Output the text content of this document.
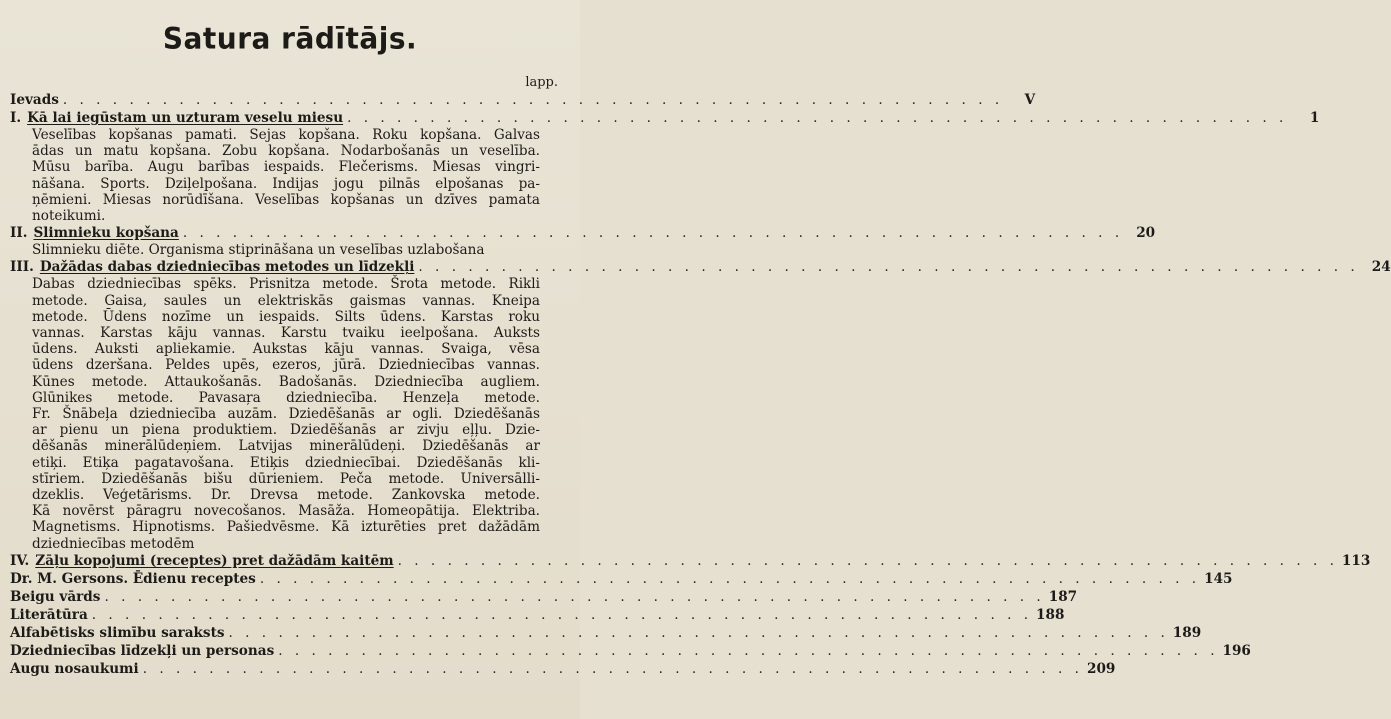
Satura rādītājs.
lapp.
Ievads . . . . . . . . . . . . . . . . . . . . . . . . . . . . . . . . . . . . . . . . . . . . . . . . . . . . . . . . .	V
I. Kā lai iegūstam un uzturam veselu miesu . . . . . . . . . . . . . . . . . . . . . . . . . . . . . . . . . . . . . . . . . . . . . . . . . . . . . . . . .	1
Veselības kopšanas pamati. Sejas kopšana. Roku kopšana. Galvas
ādas un matu kopšana. Zobu kopšana. Nodarbošanās un veselība.
Mūsu barība. Augu barības iespaids. Flečerisms. Miesas vingri-
nāšana. Sports. Dziļelpošana. Indijas jogu pilnās elpošanas pa-
ņēmieni. Miesas norūdīšana. Veselības kopšanas un dzīves pamata
noteikumi.
II. Slimnieku kopšana . . . . . . . . . . . . . . . . . . . . . . . . . . . . . . . . . . . . . . . . . . . . . . . . . . . . . . . . . 20
Slimnieku diēte. Organisma stiprināšana un veselības uzlabošana
III. Dažādas dabas dziedniecības metodes un līdzekļi . . . . . . . . . . . . . . . . . . . . . . . . . . . . . . . . . . . . . . . . . . . . . . . . . . . . . . . . . 24
Dabas dziedniecības spēks. Prisnitza metode. Šrota metode. Rikli
metode. Gaisa, saules un elektriskās gaismas vannas. Kneipa
metode. Ūdens nozīme un iespaids. Silts ūdens. Karstas roku
vannas. Karstas kāju vannas. Karstu tvaiku ieelpošana. Auksts
ūdens. Auksti apliekamie. Aukstas kāju vannas. Svaiga, vēsa
ūdens dzeršana. Peldes upēs, ezeros, jūrā. Dziedniecības vannas.
Kūnes metode. Attaukošanās. Badošanās. Dziedniecība augliem.
Glūnikes metode. Pavasaŗa dziedniecība. Henzeļa metode.
Fr. Šnābeļa dziedniecība auzām. Dziedēšanās ar ogli. Dziedēšanās
ar pienu un piena produktiem. Dziedēšanās ar zivju eļļu. Dzie-
dēšanās minerālūdeņiem. Latvijas minerālūdeņi. Dziedēšanās ar
etiķi. Etiķa pagatavošana. Etiķis dziedniecībai. Dziedēšanās kli-
stīriem. Dziedēšanās bišu dūrieniem. Peča metode. Universālli-
dzeklis. Veģetārisms. Dr. Drevsa metode. Zankovska metode.
Kā novērst pāragru novecošanos. Masāža. Homeopātija. Elektriba.
Magnetisms. Hipnotisms. Pašiedvēsme. Kā izturēties pret dažādām
dziedniecības metodēm
IV. Zāļu kopojumi (receptes) pret dažādām kaitēm . . . . . . . . . . . . . . . . . . . . . . . . . . . . . . . . . . . . . . . . . . . . . . . . . . . . . . . . . 113
Dr. M. Gersons. Ēdienu receptes . . . . . . . . . . . . . . . . . . . . . . . . . . . . . . . . . . . . . . . . . . . . . . . . . . . . . . . . . 145
Beigu vārds . . . . . . . . . . . . . . . . . . . . . . . . . . . . . . . . . . . . . . . . . . . . . . . . . . . . . . . . . 187
Literātūra . . . . . . . . . . . . . . . . . . . . . . . . . . . . . . . . . . . . . . . . . . . . . . . . . . . . . . . . . 188
Alfabētisks slimību saraksts . . . . . . . . . . . . . . . . . . . . . . . . . . . . . . . . . . . . . . . . . . . . . . . . . . . . . . . . . 189
Dziedniecības līdzekļi un personas . . . . . . . . . . . . . . . . . . . . . . . . . . . . . . . . . . . . . . . . . . . . . . . . . . . . . . . . . 196
Augu nosaukumi . . . . . . . . . . . . . . . . . . . . . . . . . . . . . . . . . . . . . . . . . . . . . . . . . . . . . . . . . 209
